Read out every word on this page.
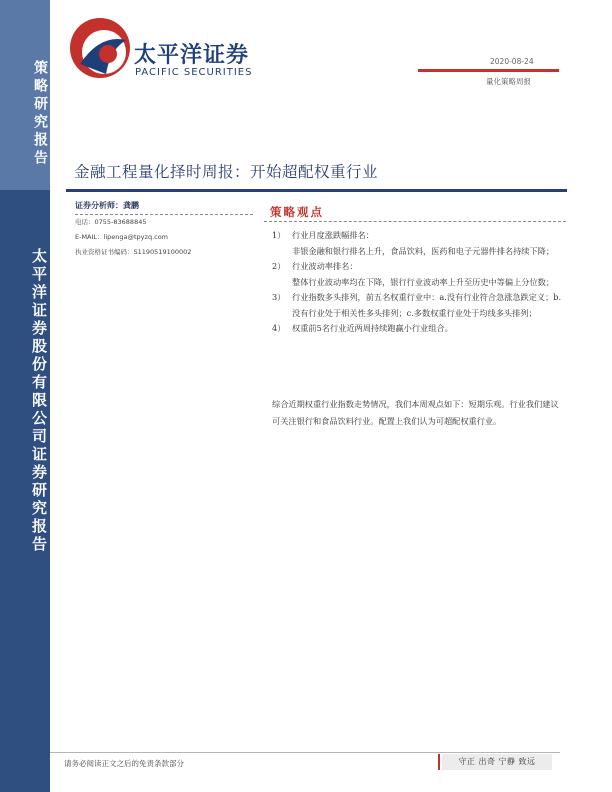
策略研究报告
太平洋证券股份有限公司证券研究报告
太平洋证券
PACIFIC SECURITIES
2020-08-24
量化策略周报
金融工程量化择时周报：开始超配权重行业
证券分析师：龚鹏
电话：0755-83688845
E-MAIL：lipenga@tpyzq.com
执业资格证书编码：S1190519100002
策略观点
1） 行业月度涨跌幅排名：
非银金融和银行排名上升，食品饮料，医药和电子元器件排名持续下降；
2） 行业波动率排名：
整体行业波动率均在下降，银行行业波动率上升至历史中等偏上分位数；
3） 行业指数多头排列，前五名权重行业中：a.没有行业符合急涨急跌定义；b.没有行业处于相关性多头排列；c.多数权重行业处于均线多头排列；
4） 权重前5名行业近两周持续跑赢小行业组合。
综合近期权重行业指数走势情况，我们本周观点如下：短期乐观。行业我们建议可关注银行和食品饮料行业。配置上我们认为可超配权重行业。
请务必阅读正文之后的免责条款部分	守正 出奇 宁静 致远
